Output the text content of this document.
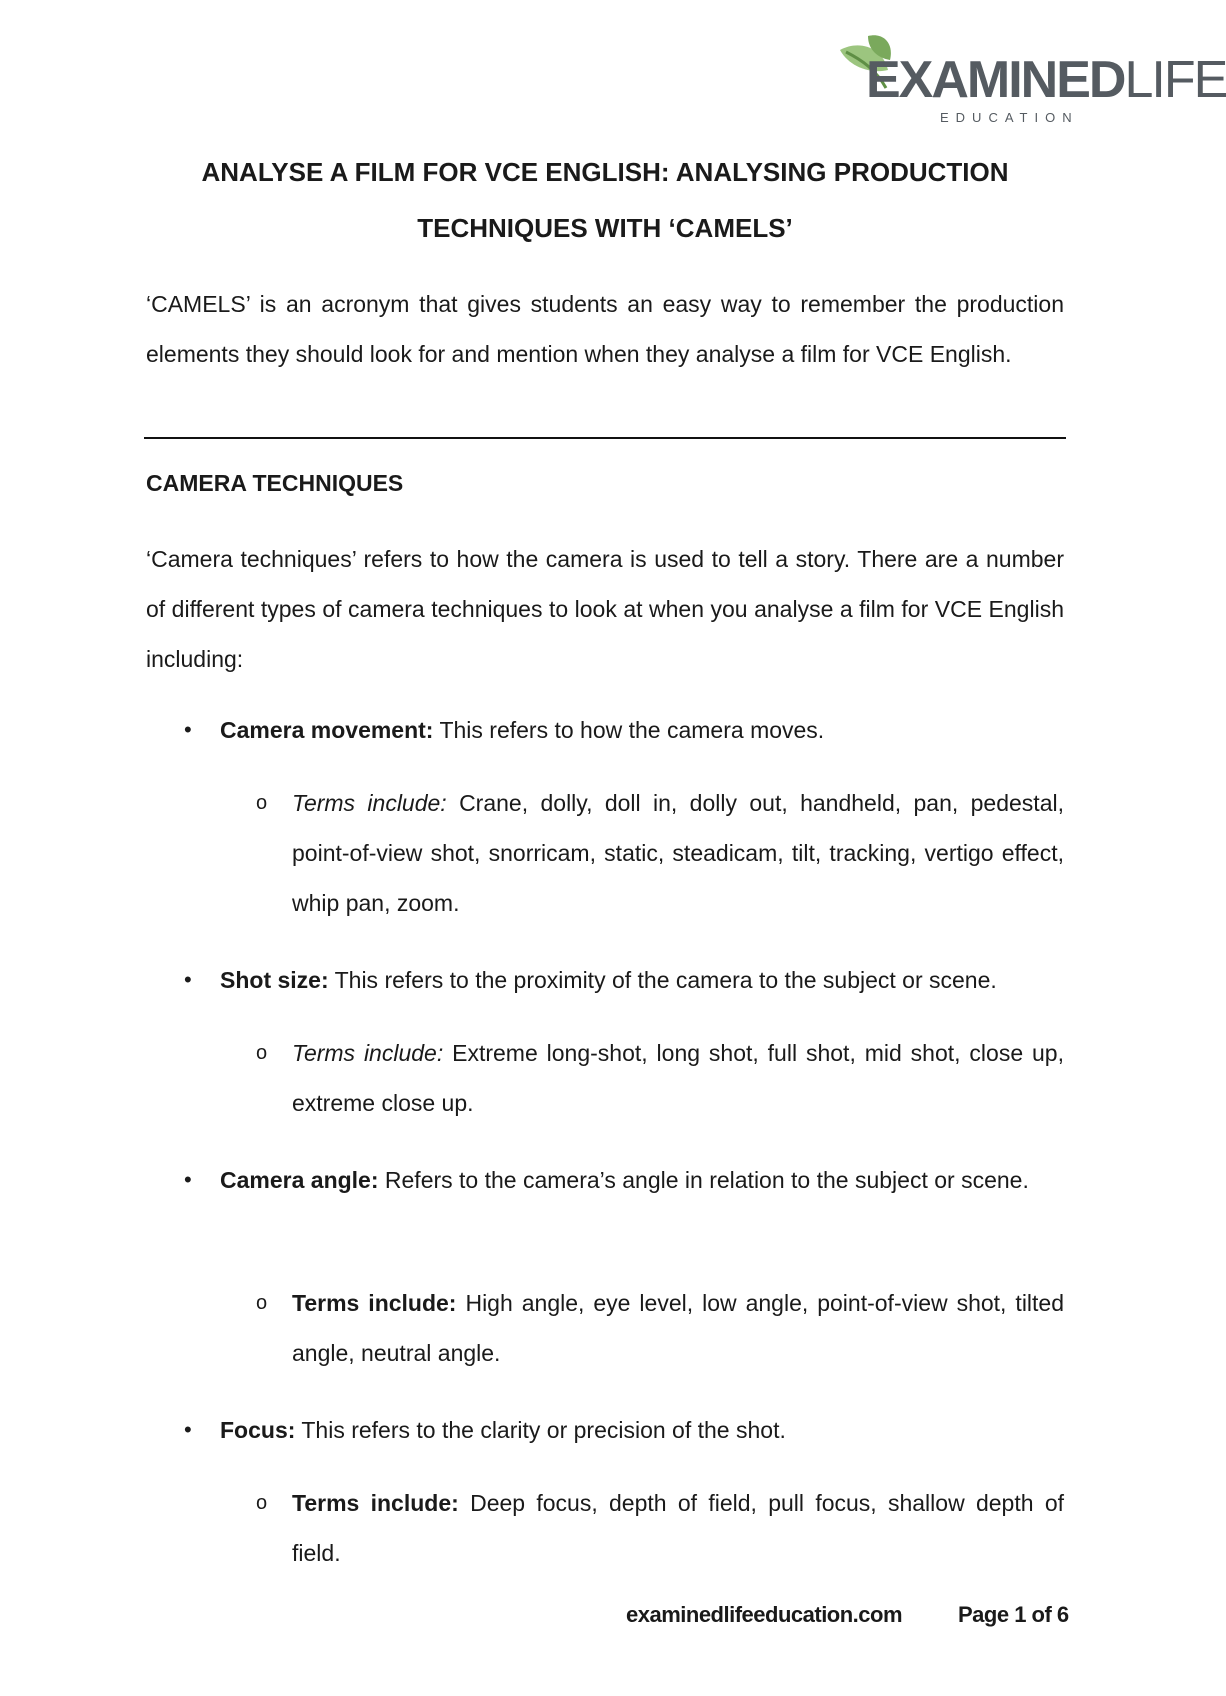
EXAMINEDLIFE
EDUCATION
ANALYSE A FILM FOR VCE ENGLISH: ANALYSING PRODUCTION
TECHNIQUES WITH ‘CAMELS’
‘CAMELS’ is an acronym that gives students an easy way to remember the production elements they should look for and mention when they analyse a film for VCE English.
CAMERA TECHNIQUES
‘Camera techniques’ refers to how the camera is used to tell a story. There are a number of different types of camera techniques to look at when you analyse a film for VCE English including:
• Camera movement: This refers to how the camera moves.
o Terms include: Crane, dolly, doll in, dolly out, handheld, pan, pedestal, point-of-view shot, snorricam, static, steadicam, tilt, tracking, vertigo effect, whip pan, zoom.
• Shot size: This refers to the proximity of the camera to the subject or scene.
o Terms include: Extreme long-shot, long shot, full shot, mid shot, close up, extreme close up.
• Camera angle: Refers to the camera’s angle in relation to the subject or scene.
o Terms include: High angle, eye level, low angle, point-of-view shot, tilted angle, neutral angle.
• Focus: This refers to the clarity or precision of the shot.
o Terms include: Deep focus, depth of field, pull focus, shallow depth of field.
examinedlifeeducation.com	Page 1 of 6
